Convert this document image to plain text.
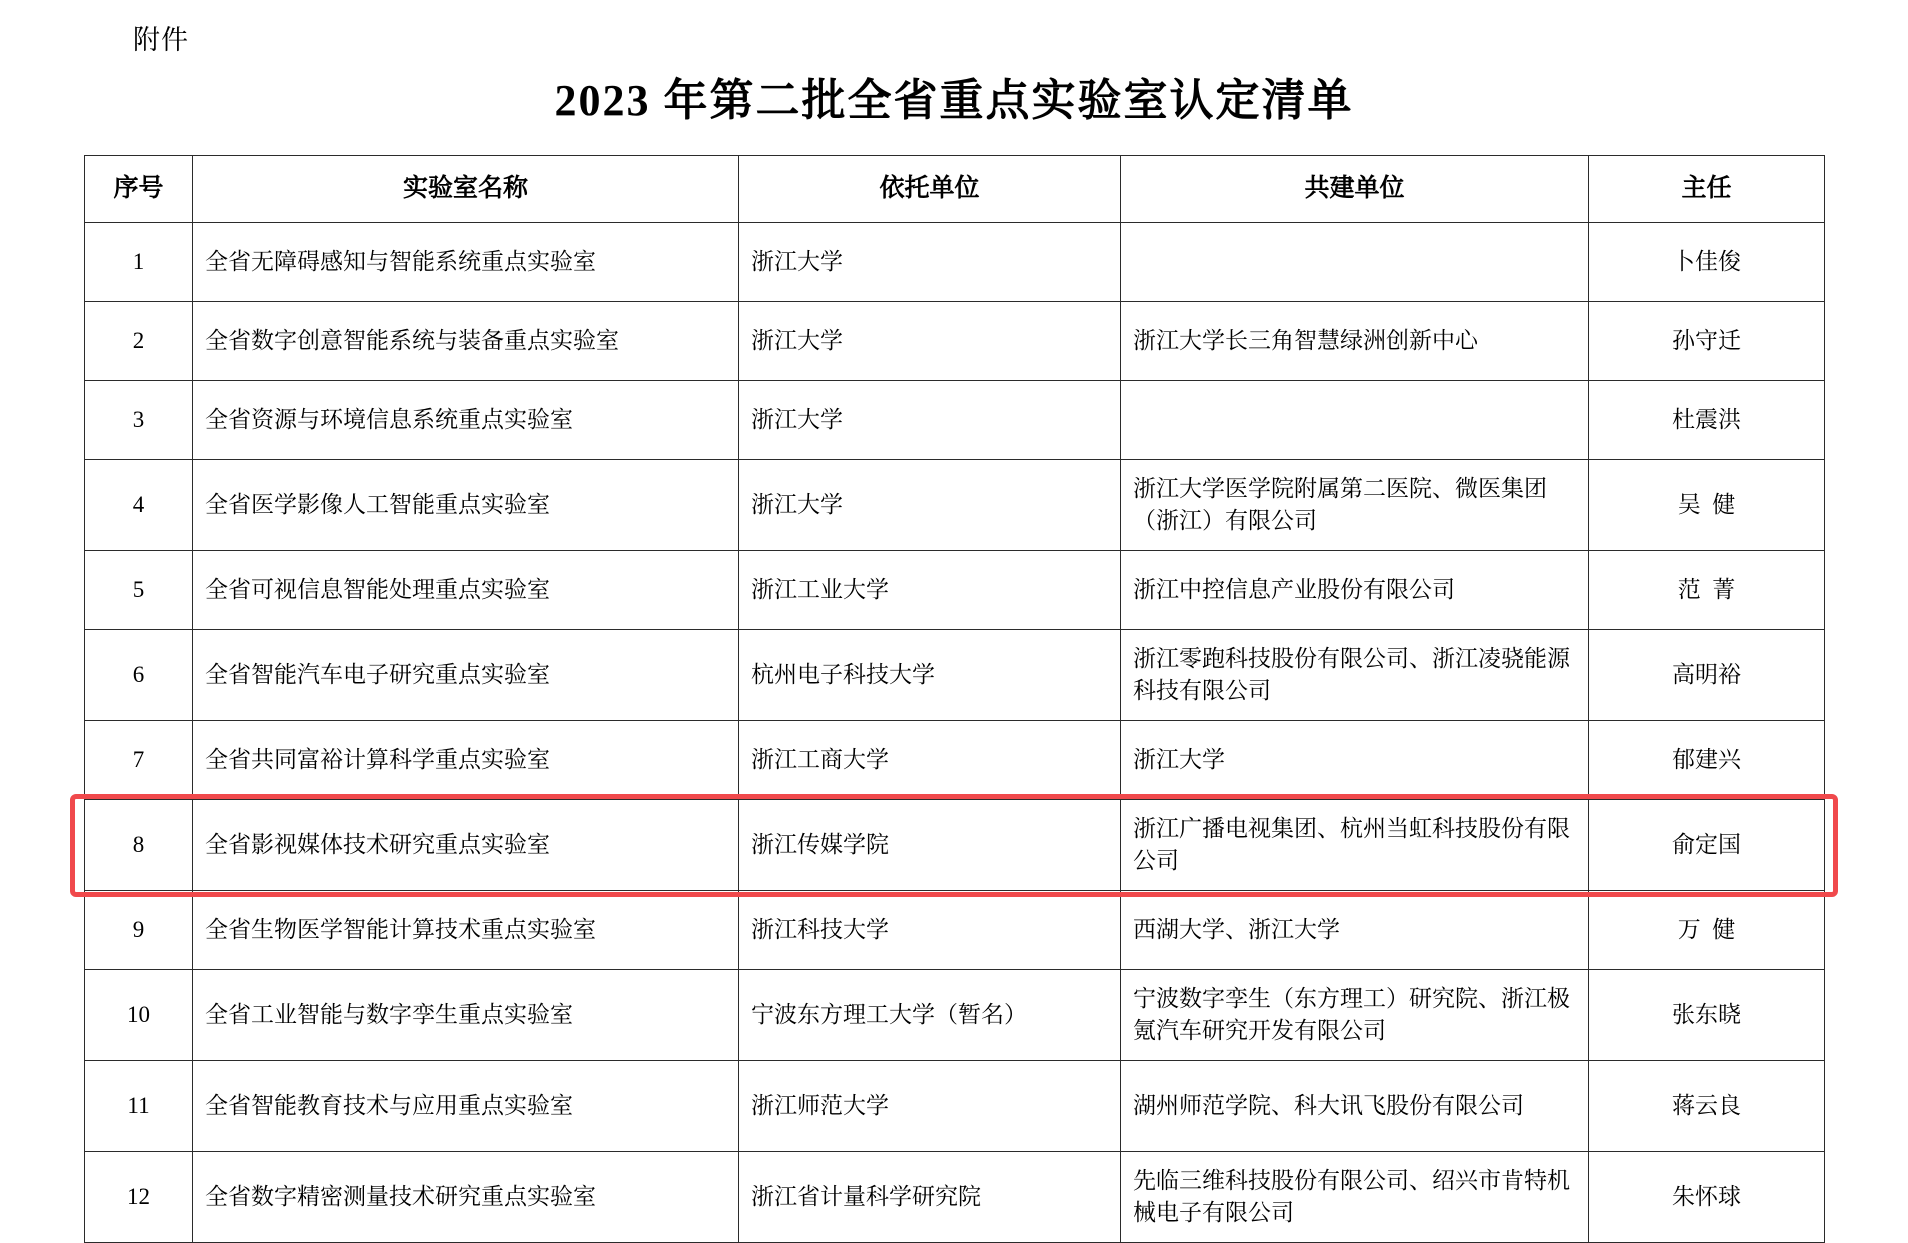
附件
2023 年第二批全省重点实验室认定清单
序号	实验室名称	依托单位	共建单位	主任
1	全省无障碍感知与智能系统重点实验室	浙江大学		卜佳俊
2	全省数字创意智能系统与装备重点实验室	浙江大学	浙江大学长三角智慧绿洲创新中心	孙守迁
3	全省资源与环境信息系统重点实验室	浙江大学		杜震洪
4	全省医学影像人工智能重点实验室	浙江大学	浙江大学医学院附属第二医院、微医集团（浙江）有限公司	吴  健
5	全省可视信息智能处理重点实验室	浙江工业大学	浙江中控信息产业股份有限公司	范  菁
6	全省智能汽车电子研究重点实验室	杭州电子科技大学	浙江零跑科技股份有限公司、浙江凌骁能源科技有限公司	高明裕
7	全省共同富裕计算科学重点实验室	浙江工商大学	浙江大学	郁建兴
8	全省影视媒体技术研究重点实验室	浙江传媒学院	浙江广播电视集团、杭州当虹科技股份有限公司	俞定国
9	全省生物医学智能计算技术重点实验室	浙江科技大学	西湖大学、浙江大学	万  健
10	全省工业智能与数字孪生重点实验室	宁波东方理工大学（暂名）	宁波数字孪生（东方理工）研究院、浙江极氪汽车研究开发有限公司	张东晓
11	全省智能教育技术与应用重点实验室	浙江师范大学	湖州师范学院、科大讯飞股份有限公司	蒋云良
12	全省数字精密测量技术研究重点实验室	浙江省计量科学研究院	先临三维科技股份有限公司、绍兴市肯特机械电子有限公司	朱怀球
